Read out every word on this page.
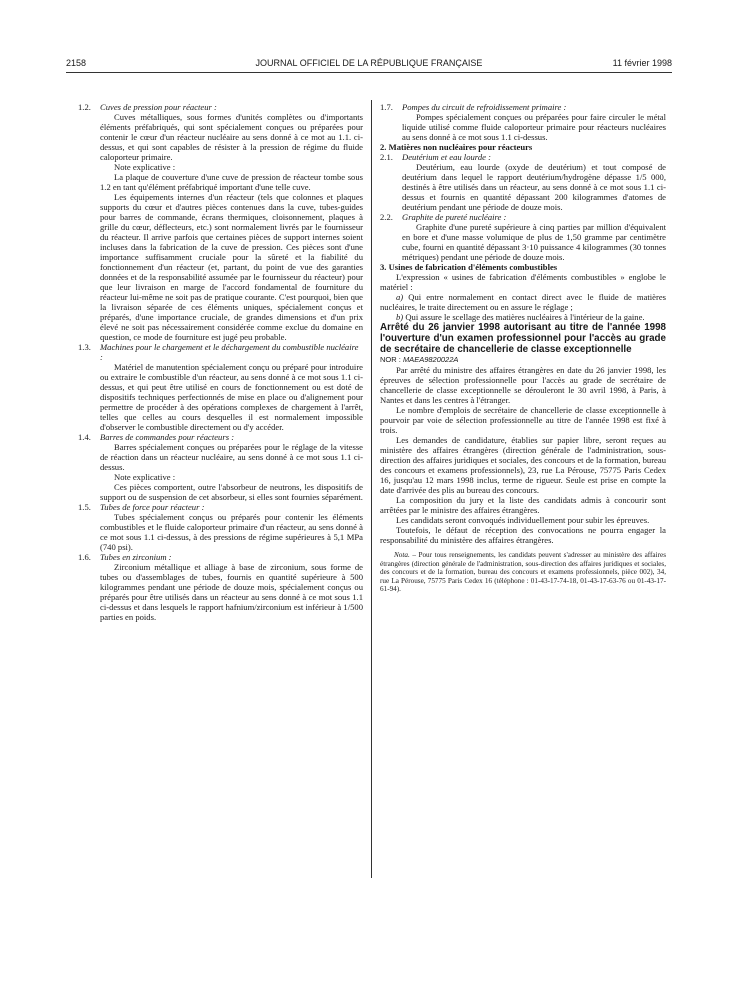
2158	JOURNAL OFFICIEL DE LA RÉPUBLIQUE FRANÇAISE	11 février 1998
1.2. Cuves de pression pour réacteur :

Cuves métalliques, sous formes d'unités complètes ou d'importants éléments préfabriqués, qui sont spécialement conçues ou préparées pour contenir le cœur d'un réacteur nucléaire au sens donné à ce mot au 1.1. ci-dessus, et qui sont capables de résister à la pression de régime du fluide caloporteur primaire.

Note explicative :

La plaque de couverture d'une cuve de pression de réacteur tombe sous 1.2 en tant qu'élément préfabriqué important d'une telle cuve.

Les équipements internes d'un réacteur (tels que colonnes et plaques supports du cœur et d'autres pièces contenues dans la cuve, tubes-guides pour barres de commande, écrans thermiques, cloisonnement, plaques à grille du cœur, déflecteurs, etc.) sont normalement livrés par le fournisseur du réacteur. Il arrive parfois que certaines pièces de support internes soient incluses dans la fabrication de la cuve de pression. Ces pièces sont d'une importance suffisamment cruciale pour la sûreté et la fiabilité du fonctionnement d'un réacteur (et, partant, du point de vue des garanties données et de la responsabilité assumée par le fournisseur du réacteur) pour que leur livraison en marge de l'accord fondamental de fourniture du réacteur lui-même ne soit pas de pratique courante. C'est pourquoi, bien que la livraison séparée de ces éléments uniques, spécialement conçus et préparés, d'une importance cruciale, de grandes dimensions et d'un prix élevé ne soit pas nécessairement considérée comme exclue du domaine en question, ce mode de fourniture est jugé peu probable.

1.3. Machines pour le chargement et le déchargement du combustible nucléaire :

Matériel de manutention spécialement conçu ou préparé pour introduire ou extraire le combustible d'un réacteur, au sens donné à ce mot sous 1.1 ci-dessus, et qui peut être utilisé en cours de fonctionnement ou est doté de dispositifs techniques perfectionnés de mise en place ou d'alignement pour permettre de procéder à des opérations complexes de chargement à l'arrêt, telles que celles au cours desquelles il est normalement impossible d'observer le combustible directement ou d'y accéder.

1.4. Barres de commandes pour réacteurs :

Barres spécialement conçues ou préparées pour le réglage de la vitesse de réaction dans un réacteur nucléaire, au sens donné à ce mot sous 1.1 ci-dessus.

Note explicative :

Ces pièces comportent, outre l'absorbeur de neutrons, les dispositifs de support ou de suspension de cet absorbeur, si elles sont fournies séparément.

1.5. Tubes de force pour réacteur :

Tubes spécialement conçus ou préparés pour contenir les éléments combustibles et le fluide caloporteur primaire d'un réacteur, au sens donné à ce mot sous 1.1 ci-dessus, à des pressions de régime supérieures à 5,1 MPa (740 psi).

1.6. Tubes en zirconium :

Zirconium métallique et alliage à base de zirconium, sous forme de tubes ou d'assemblages de tubes, fournis en quantité supérieure à 500 kilogrammes pendant une période de douze mois, spécialement conçus ou préparés pour être utilisés dans un réacteur au sens donné à ce mot sous 1.1 ci-dessus et dans lesquels le rapport hafnium/zirconium est inférieur à 1/500 parties en poids.

1.7. Pompes du circuit de refroidissement primaire :

Pompes spécialement conçues ou préparées pour faire circuler le métal liquide utilisé comme fluide caloporteur primaire pour réacteurs nucléaires au sens donné à ce mot sous 1.1 ci-dessus.

2. Matières non nucléaires pour réacteurs

2.1. Deutérium et eau lourde :

Deutérium, eau lourde (oxyde de deutérium) et tout composé de deutérium dans lequel le rapport deutérium/hydrogène dépasse 1/5 000, destinés à être utilisés dans un réacteur, au sens donné à ce mot sous 1.1 ci-dessus et fournis en quantité dépassant 200 kilogrammes d'atomes de deutérium pendant une période de douze mois.

2.2. Graphite de pureté nucléaire :

Graphite d'une pureté supérieure à cinq parties par million d'équivalent en bore et d'une masse volumique de plus de 1,50 gramme par centimètre cube, fourni en quantité dépassant 3·10 puissance 4 kilogrammes (30 tonnes métriques) pendant une période de douze mois.

3. Usines de fabrication d'éléments combustibles

L'expression « usines de fabrication d'éléments combustibles » englobe le matériel :

a) Qui entre normalement en contact direct avec le fluide de matières nucléaires, le traite directement ou en assure le réglage ;

b) Qui assure le scellage des matières nucléaires à l'intérieur de la gaine.

Arrêté du 26 janvier 1998 autorisant au titre de l'année 1998 l'ouverture d'un examen professionnel pour l'accès au grade de secrétaire de chancellerie de classe exceptionnelle

NOR : MAEA9820022A

Par arrêté du ministre des affaires étrangères en date du 26 janvier 1998, les épreuves de sélection professionnelle pour l'accès au grade de secrétaire de chancellerie de classe exceptionnelle se dérouleront le 30 avril 1998, à Paris, à Nantes et dans les centres à l'étranger.

Le nombre d'emplois de secrétaire de chancellerie de classe exceptionnelle à pourvoir par voie de sélection professionnelle au titre de l'année 1998 est fixé à trois.

Les demandes de candidature, établies sur papier libre, seront reçues au ministère des affaires étrangères (direction générale de l'administration, sous-direction des affaires juridiques et sociales, des concours et de la formation, bureau des concours et examens professionnels), 23, rue La Pérouse, 75775 Paris Cedex 16, jusqu'au 12 mars 1998 inclus, terme de rigueur. Seule est prise en compte la date d'arrivée des plis au bureau des concours.

La composition du jury et la liste des candidats admis à concourir sont arrêtées par le ministre des affaires étrangères.

Les candidats seront convoqués individuellement pour subir les épreuves.

Toutefois, le défaut de réception des convocations ne pourra engager la responsabilité du ministère des affaires étrangères.

Nota. – Pour tous renseignements, les candidats peuvent s'adresser au ministère des affaires étrangères (direction générale de l'administration, sous-direction des affaires juridiques et sociales, des concours et de la formation, bureau des concours et examens professionnels, pièce 002), 34, rue La Pérouse, 75775 Paris Cedex 16 (téléphone : 01-43-17-74-18, 01-43-17-63-76 ou 01-43-17-61-94).
